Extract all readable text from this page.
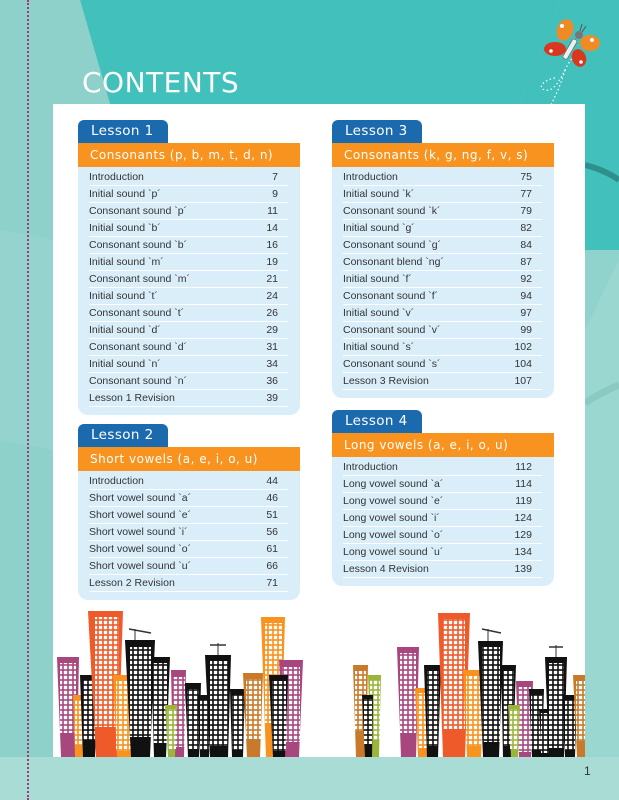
CONTENTS
Lesson 1
Consonants (p, b, m, t, d, n)
Introduction	7
Initial sound `p´	9
Consonant sound `p´	11
Initial sound `b´	14
Consonant sound `b´	16
Initial sound `m´	19
Consonant sound `m´	21
Initial sound `t´	24
Consonant sound `t´	26
Initial sound `d´	29
Consonant sound `d´	31
Initial sound `n´	34
Consonant sound `n´	36
Lesson 1 Revision	39
Lesson 2
Short vowels (a, e, i, o, u)
Introduction	44
Short vowel sound `a´	46
Short vowel sound `e´	51
Short vowel sound `i´	56
Short vowel sound `o´	61
Short vowel sound `u´	66
Lesson 2 Revision	71
Lesson 3
Consonants (k, g, ng, f, v, s)
Introduction	75
Initial sound `k´	77
Consonant sound `k´	79
Initial sound `g´	82
Consonant sound `g´	84
Consonant blend `ng´	87
Initial sound `f´	92
Consonant sound `f´	94
Initial sound `v´	97
Consonant sound `v´	99
Initial sound `s´	102
Consonant sound `s´	104
Lesson 3 Revision	107
Lesson 4
Long vowels (a, e, i, o, u)
Introduction	112
Long vowel sound `a´	114
Long vowel sound `e´	119
Long vowel sound `i´	124
Long vowel sound `o´	129
Long vowel sound `u´	134
Lesson 4 Revision	139
1
